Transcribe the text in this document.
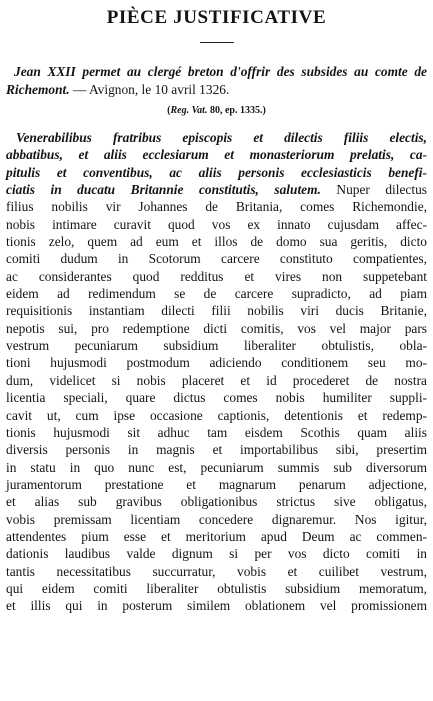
PIÈCE JUSTIFICATIVE

Jean XXII permet au clergé breton d'offrir des subsides au comte de Richemont. — Avignon, le 10 avril 1326.

(Reg. Vat. 80, ep. 1335.)
Venerabilibus fratribus episcopis et dilectis filiis electis,
abbatibus, et aliis ecclesiarum et monasteriorum prelatis, ca-
pitulis et conventibus, ac aliis personis ecclesiasticis benefi-
ciatis in ducatu Britannie constitutis, salutem. Nuper dilectus
filius nobilis vir Johannes de Britania, comes Richemondie,
nobis intimare curavit quod vos ex innato cujusdam affec-
tionis zelo, quem ad eum et illos de domo sua geritis, dicto
comiti dudum in Scotorum carcere constituto compatientes,
ac considerantes quod redditus et vires non suppetebant
eidem ad redimendum se de carcere supradicto, ad piam
requisitionis instantiam dilecti filii nobilis viri ducis Britanie,
nepotis sui, pro redemptione dicti comitis, vos vel major pars
vestrum pecuniarum subsidium liberaliter obtulistis, obla-
tioni hujusmodi postmodum adiciendo conditionem seu mo-
dum, videlicet si nobis placeret et id procederet de nostra
licentia speciali, quare dictus comes nobis humiliter suppli-
cavit ut, cum ipse occasione captionis, detentionis et redemp-
tionis hujusmodi sit adhuc tam eisdem Scothis quam aliis
diversis personis in magnis et importabilibus sibi, presertim
in statu in quo nunc est, pecuniarum summis sub diversorum
juramentorum prestatione et magnarum penarum adjectione,
et alias sub gravibus obligationibus strictus sive obligatus,
vobis premissam licentiam concedere dignaremur. Nos igitur,
attendentes pium esse et meritorium apud Deum ac commen-
dationis laudibus valde dignum si per vos dicto comiti in
tantis necessitatibus succurratur, vobis et cuilibet vestrum,
qui eidem comiti liberaliter obtulistis subsidium memoratum,
et illis qui in posterum similem oblationem vel promissionem
